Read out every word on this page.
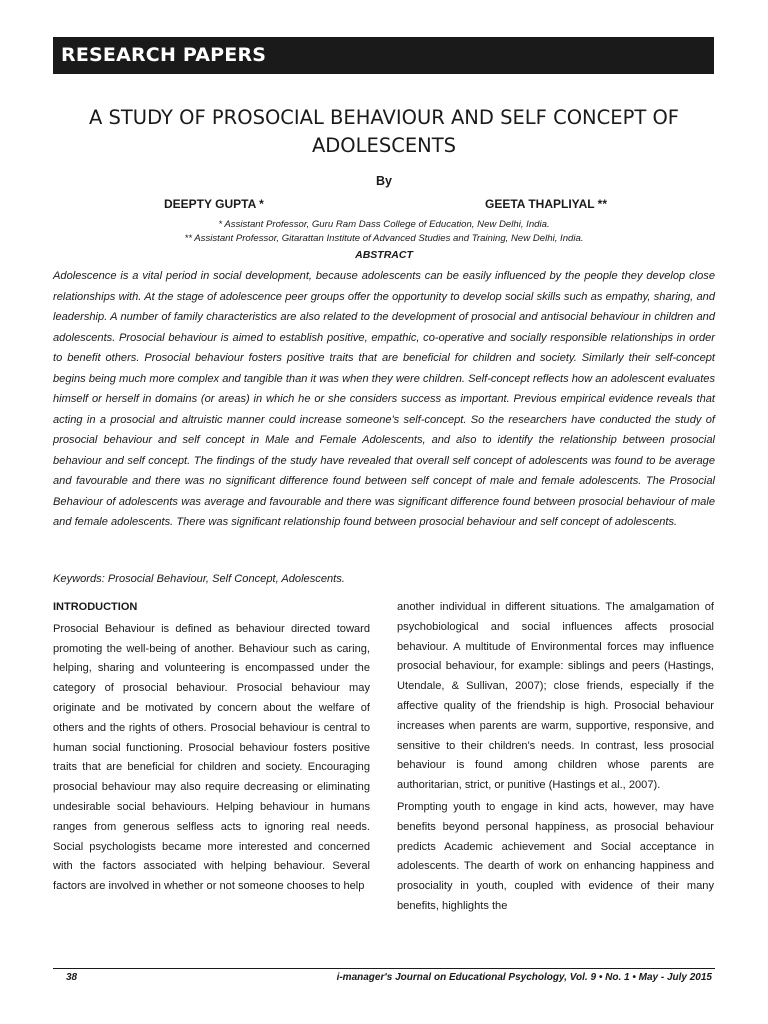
RESEARCH PAPERS
A STUDY OF PROSOCIAL BEHAVIOUR AND SELF CONCEPT OF ADOLESCENTS
By
DEEPTY GUPTA *	GEETA THAPLIYAL **
* Assistant Professor, Guru Ram Dass College of Education, New Delhi, India.
** Assistant Professor, Gitarattan Institute of Advanced Studies and Training, New Delhi, India.
ABSTRACT

Adolescence is a vital period in social development, because adolescents can be easily influenced by the people they develop close relationships with. At the stage of adolescence peer groups offer the opportunity to develop social skills such as empathy, sharing, and leadership. A number of family characteristics are also related to the development of prosocial and antisocial behaviour in children and adolescents. Prosocial behaviour is aimed to establish positive, empathic, co-operative and socially responsible relationships in order to benefit others. Prosocial behaviour fosters positive traits that are beneficial for children and society. Similarly their self-concept begins being much more complex and tangible than it was when they were children. Self-concept reflects how an adolescent evaluates himself or herself in domains (or areas) in which he or she considers success as important. Previous empirical evidence reveals that acting in a prosocial and altruistic manner could increase someone's self-concept. So the researchers have conducted the study of prosocial behaviour and self concept in Male and Female Adolescents, and also to identify the relationship between prosocial behaviour and self concept. The findings of the study have revealed that overall self concept of adolescents was found to be average and favourable and there was no significant difference found between self concept of male and female adolescents. The Prosocial Behaviour of adolescents was average and favourable and there was significant difference found between prosocial behaviour of male and female adolescents. There was significant relationship found between prosocial behaviour and self concept of adolescents.

Keywords: Prosocial Behaviour, Self Concept, Adolescents.
INTRODUCTION

Prosocial Behaviour is defined as behaviour directed toward promoting the well-being of another. Behaviour such as caring, helping, sharing and volunteering is encompassed under the category of prosocial behaviour. Prosocial behaviour may originate and be motivated by concern about the welfare of others and the rights of others. Prosocial behaviour is central to human social functioning. Prosocial behaviour fosters positive traits that are beneficial for children and society. Encouraging prosocial behaviour may also require decreasing or eliminating undesirable social behaviours. Helping behaviour in humans ranges from generous selfless acts to ignoring real needs. Social psychologists became more interested and concerned with the factors associated with helping behaviour. Several factors are involved in whether or not someone chooses to help

another individual in different situations. The amalgamation of psychobiological and social influences affects prosocial behaviour. A multitude of Environmental forces may influence prosocial behaviour, for example: siblings and peers (Hastings, Utendale, & Sullivan, 2007); close friends, especially if the affective quality of the friendship is high. Prosocial behaviour increases when parents are warm, supportive, responsive, and sensitive to their children's needs. In contrast, less prosocial behaviour is found among children whose parents are authoritarian, strict, or punitive (Hastings et al., 2007).

Prompting youth to engage in kind acts, however, may have benefits beyond personal happiness, as prosocial behaviour predicts Academic achievement and Social acceptance in adolescents. The dearth of work on enhancing happiness and prosociality in youth, coupled with evidence of their many benefits, highlights the

38	i-manager's Journal on Educational Psychology, Vol. 9 • No. 1 • May - July 2015
